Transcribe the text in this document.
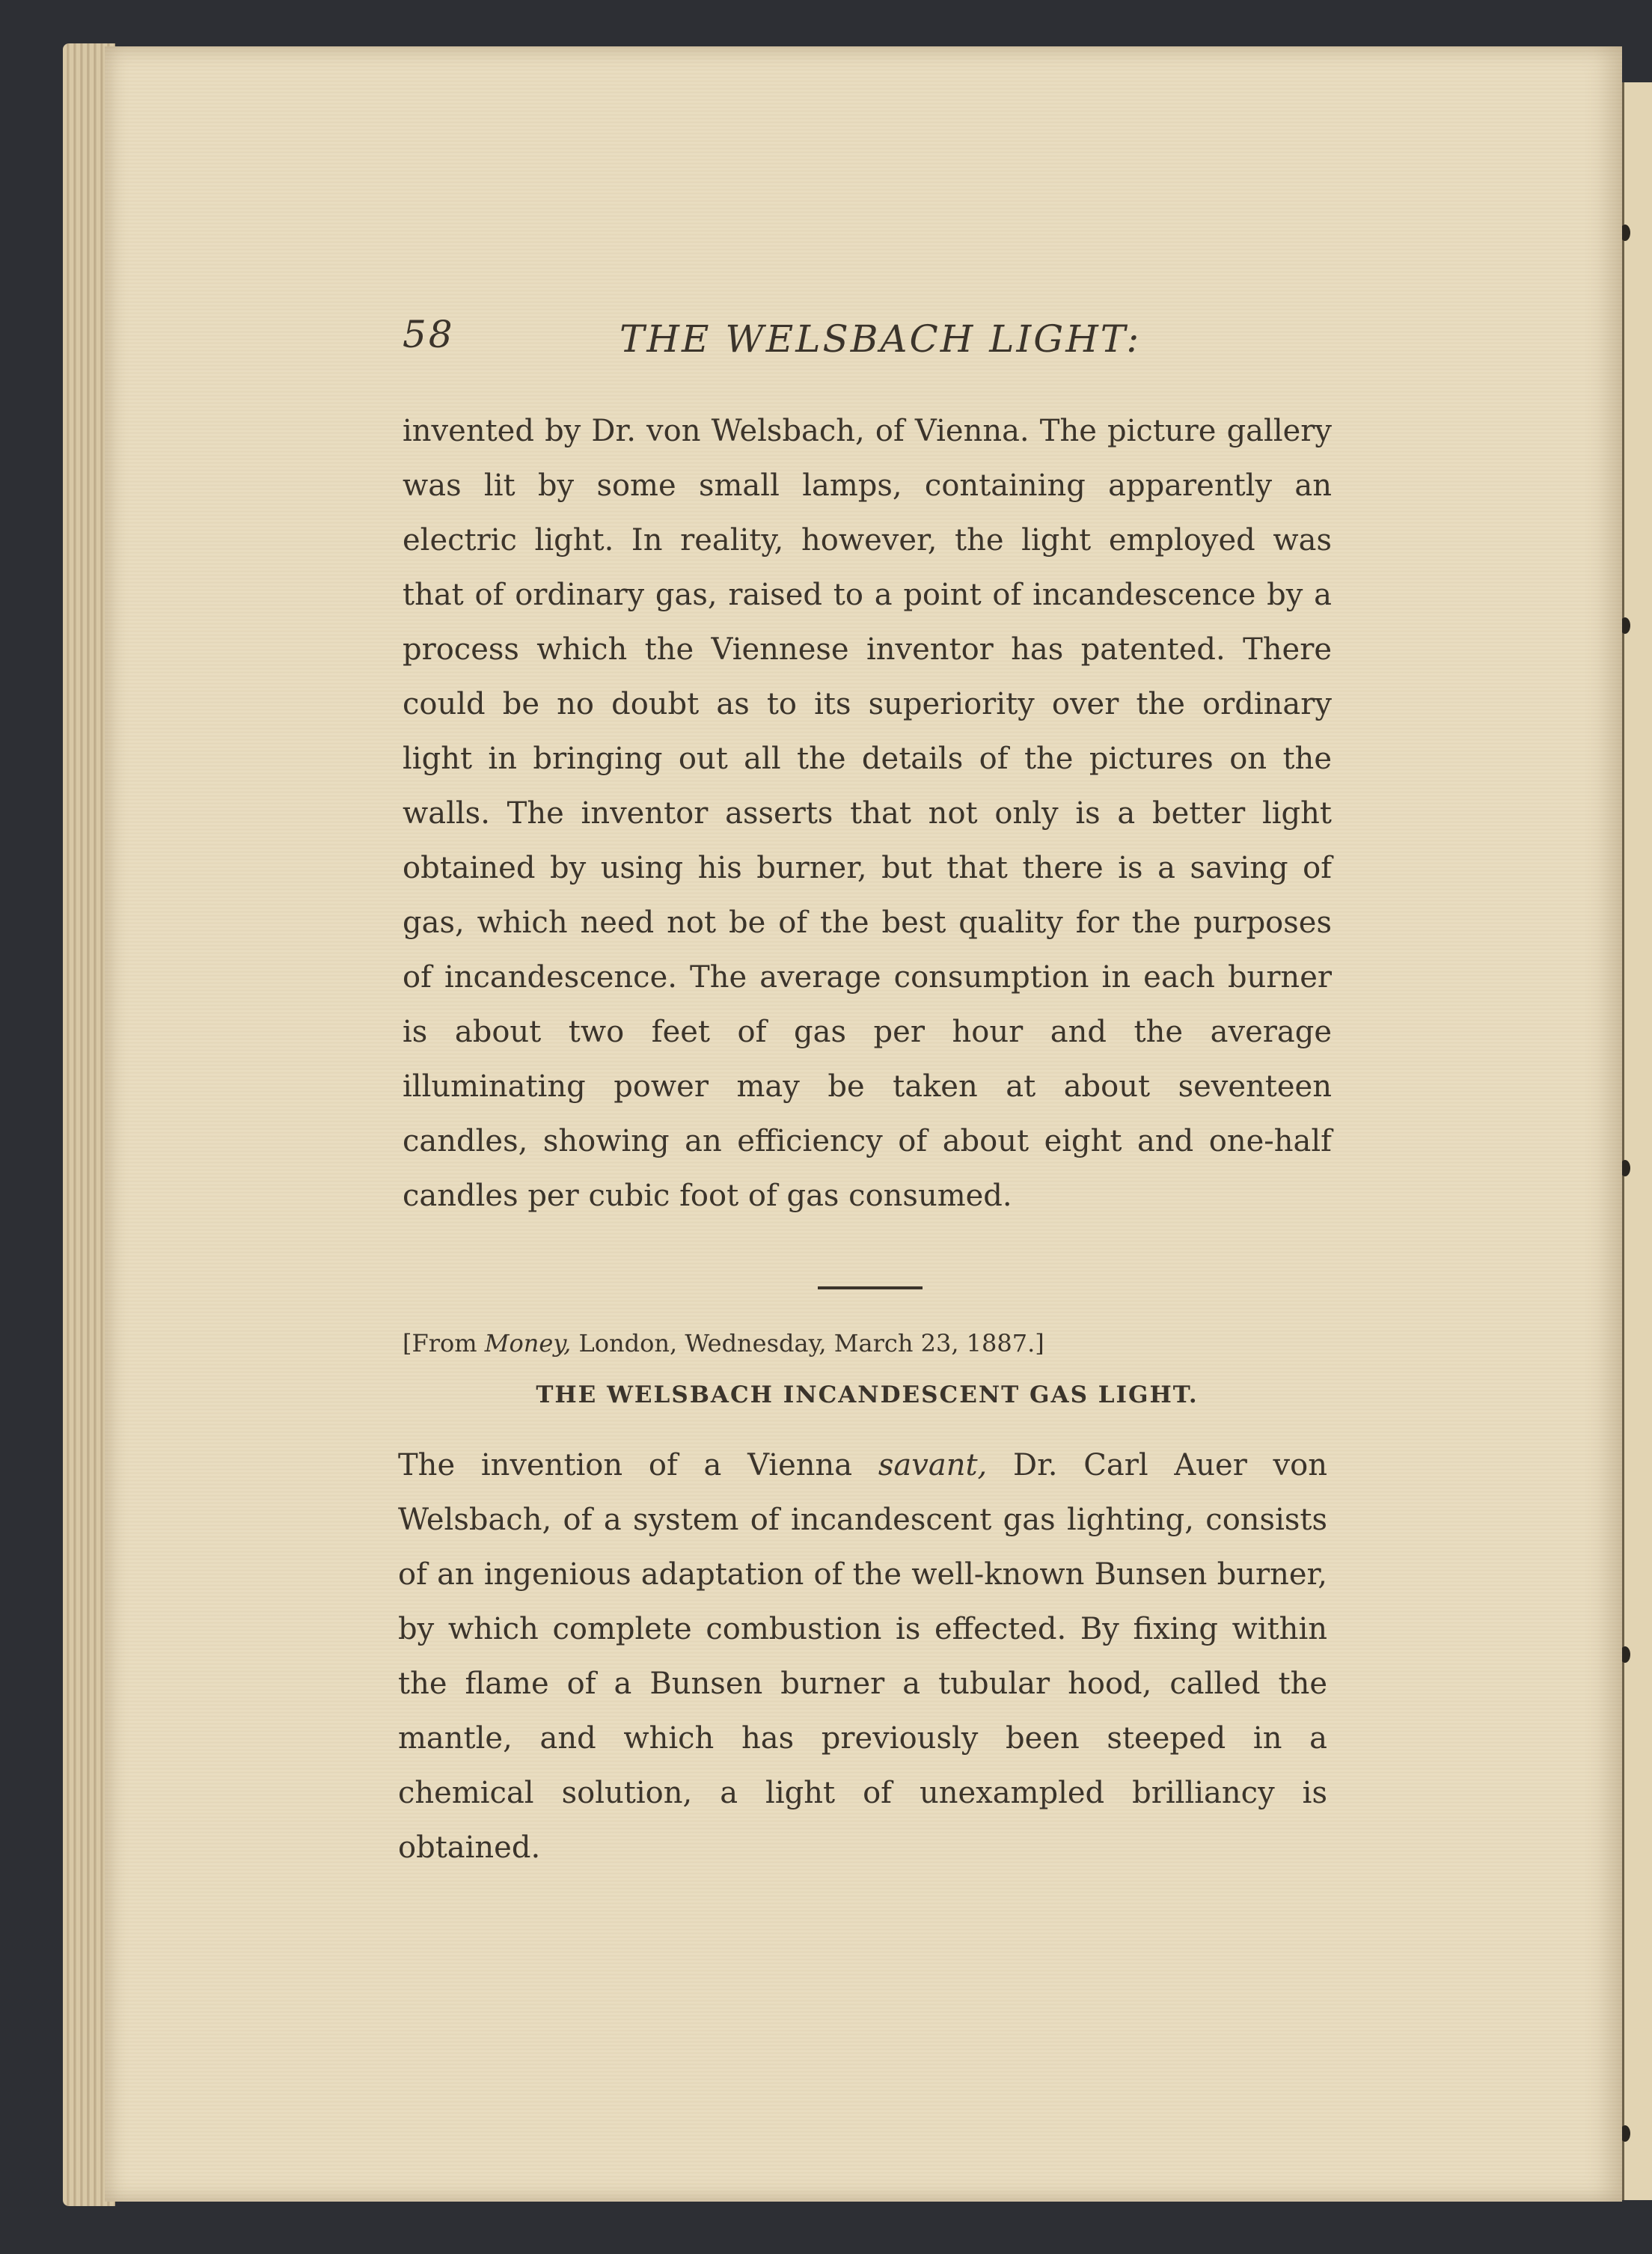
58	THE WELSBACH LIGHT:

invented by Dr. von Welsbach, of Vienna. The picture gallery was lit by some small lamps, containing apparently an electric light. In reality, however, the light employed was that of ordinary gas, raised to a point of incandescence by a process which the Viennese inventor has patented. There could be no doubt as to its superiority over the ordinary light in bringing out all the details of the pictures on the walls. The inventor asserts that not only is a better light obtained by using his burner, but that there is a saving of gas, which need not be of the best quality for the purposes of incandescence. The average consumption in each burner is about two feet of gas per hour and the average illuminating power may be taken at about seventeen candles, showing an efficiency of about eight and one-half candles per cubic foot of gas consumed.

[From Money, London, Wednesday, March 23, 1887.]
THE WELSBACH INCANDESCENT GAS LIGHT.

The invention of a Vienna savant, Dr. Carl Auer von Welsbach, of a system of incandescent gas lighting, consists of an ingenious adaptation of the well-known Bunsen burner, by which complete combustion is effected. By fixing within the flame of a Bunsen burner a tubular hood, called the mantle, and which has previously been steeped in a chemical solution, a light of unexampled brilliancy is obtained.
